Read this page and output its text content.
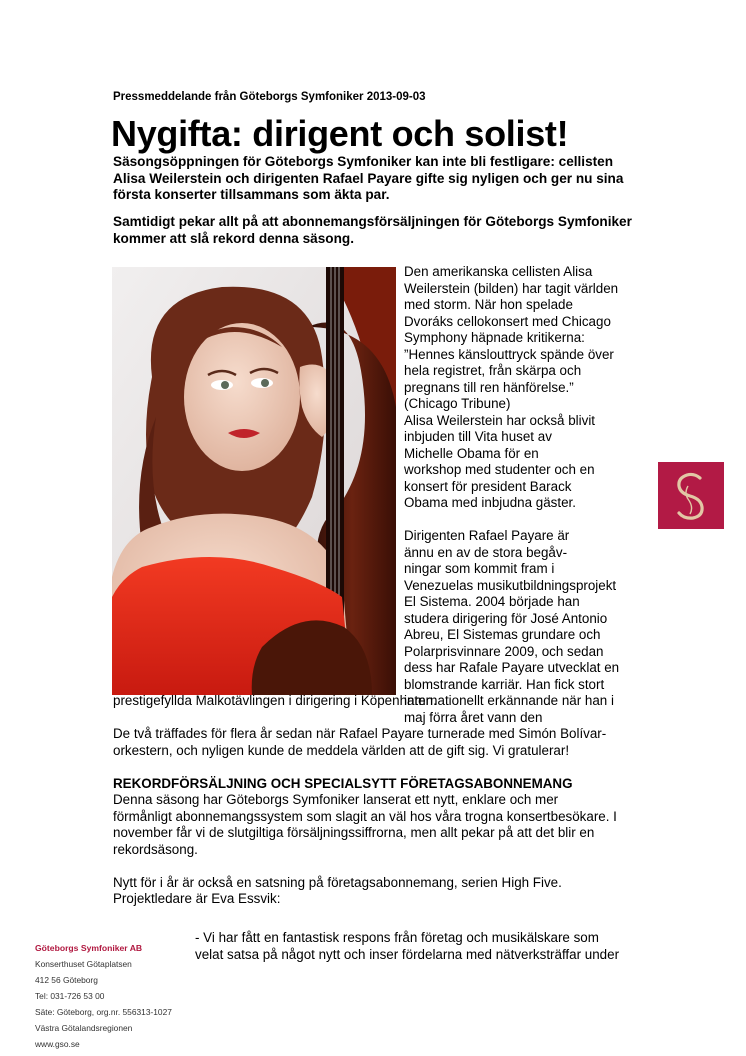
Pressmeddelande från Göteborgs Symfoniker 2013-09-03
Nygifta: dirigent och solist!
Säsongsöppningen för Göteborgs Symfoniker kan inte bli festligare: cellisten Alisa Weilerstein och dirigenten Rafael Payare gifte sig nyligen och ger nu sina första konserter tillsammans som äkta par.
Samtidigt pekar allt på att abonnemangsförsäljningen för Göteborgs Symfoniker kommer att slå rekord denna säsong.

Den amerikanska cellisten Alisa

Weilerstein (bilden) har tagit världen

med storm. När hon spelade

Dvoráks cellokonsert med Chicago

Symphony häpnade kritikerna:

”Hennes känslouttryck spände över

hela registret, från skärpa och

pregnans till ren hänförelse.”

(Chicago Tribune)

Alisa Weilerstein har också blivit

inbjuden till Vita huset av

Michelle Obama för en

workshop med studenter och en

konsert för president Barack

Obama med inbjudna gäster.

Dirigenten Rafael Payare är

ännu en av de stora begåv-

ningar som kommit fram i

Venezuelas musikutbildningsprojekt

El Sistema. 2004 började han

studera dirigering för José Antonio

Abreu, El Sistemas grundare och

Polarprisvinnare 2009, och sedan

dess har Rafale Payare utvecklat en

blomstrande karriär. Han fick stort

internationellt erkännande när han i

maj förra året vann den

prestigefyllda Malkotävlingen i dirigering i Köpenhamn.

De två träffades för flera år sedan när Rafael Payare turnerade med Simón Bolívar-

orkestern, och nyligen kunde de meddela världen att de gift sig. Vi gratulerar!

REKORDFÖRSÄLJNING OCH SPECIALSYTT FÖRETAGSABONNEMANG

Denna säsong har Göteborgs Symfoniker lanserat ett nytt, enklare och mer

förmånligt abonnemangssystem som slagit an väl hos våra trogna konsertbesökare. I

november får vi de slutgiltiga försäljningssiffrorna, men allt pekar på att det blir en

rekordsäsong.

Nytt för i år är också en satsning på företagsabonnemang, serien High Five.

Projektledare är Eva Essvik:

- Vi har fått en fantastisk respons från företag och musikälskare som
velat satsa på något nytt och inser fördelarna med nätverksträffar under
Göteborgs Symfoniker AB
Konserthuset Götaplatsen
412 56 Göteborg
Tel: 031-726 53 00
Säte: Göteborg, org.nr. 556313-1027
Västra Götalandsregionen
www.gso.se
